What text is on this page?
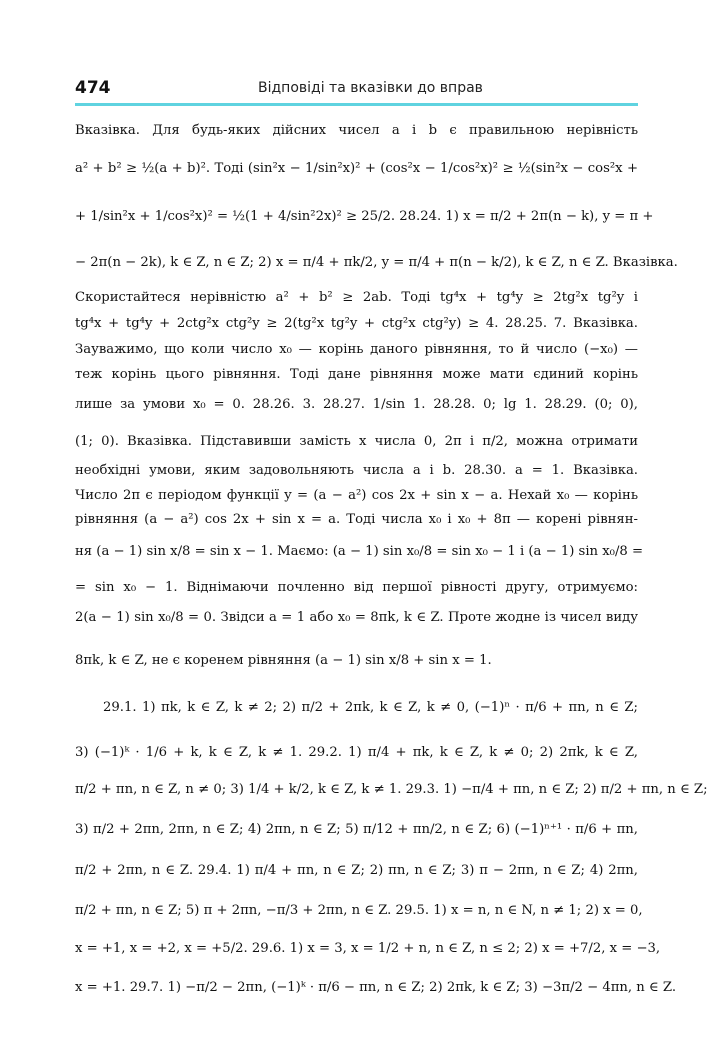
474	Відповіді та вказівки до вправ
Вказівка. Для будь-яких дійсних чисел a і b є правильною нерівність
a² + b² ≥ ½(a + b)². Тоді (sin²x − 1/sin²x)² + (cos²x − 1/cos²x)² ≥ ½(sin²x − cos²x +
+ 1/sin²x + 1/cos²x)² = ½(1 + 4/sin²2x)² ≥ 25/2. 28.24. 1) x = π/2 + 2π(n − k), y = π +
− 2π(n − 2k), k ∈ Z, n ∈ Z; 2) x = π/4 + πk/2, y = π/4 + π(n − k/2), k ∈ Z, n ∈ Z. Вказівка.
Скористайтеся нерівністю a² + b² ≥ 2ab. Тоді tg⁴x + tg⁴y ≥ 2tg²x tg²y і
tg⁴x + tg⁴y + 2ctg²x ctg²y ≥ 2(tg²x tg²y + ctg²x ctg²y) ≥ 4. 28.25. 7. Вказівка.
Зауважимо, що коли число x₀ — корінь даного рівняння, то й число (−x₀) —
теж корінь цього рівняння. Тоді дане рівняння може мати єдиний корінь
лише за умови x₀ = 0. 28.26. 3. 28.27. 1/sin 1. 28.28. 0; lg 1. 28.29. (0; 0),
(1; 0). Вказівка. Підставивши замість x числа 0, 2π і π/2, можна отримати
необхідні умови, яким задовольняють числа a і b. 28.30. a = 1. Вказівка.
Число 2π є періодом функції y = (a − a²) cos 2x + sin x − a. Нехай x₀ — корінь
рівняння (a − a²) cos 2x + sin x = a. Тоді числа x₀ і x₀ + 8π — корені рівнян-
ня (a − 1) sin x/8 = sin x − 1. Маємо: (a − 1) sin x₀/8 = sin x₀ − 1 і (a − 1) sin x₀/8 =
= sin x₀ − 1. Віднімаючи почленно від першої рівності другу, отримуємо:
2(a − 1) sin x₀/8 = 0. Звідси a = 1 або x₀ = 8πk, k ∈ Z. Проте жодне із чисел виду
8πk, k ∈ Z, не є коренем рівняння (a − 1) sin x/8 + sin x = 1.
29.1. 1) πk, k ∈ Z, k ≠ 2; 2) π/2 + 2πk, k ∈ Z, k ≠ 0, (−1)ⁿ · π/6 + πn, n ∈ Z;
3) (−1)ᵏ · 1/6 + k, k ∈ Z, k ≠ 1. 29.2. 1) π/4 + πk, k ∈ Z, k ≠ 0; 2) 2πk, k ∈ Z,
π/2 + πn, n ∈ Z, n ≠ 0; 3) 1/4 + k/2, k ∈ Z, k ≠ 1. 29.3. 1) −π/4 + πn, n ∈ Z; 2) π/2 + πn, n ∈ Z;
3) π/2 + 2πn, 2πn, n ∈ Z; 4) 2πn, n ∈ Z; 5) π/12 + πn/2, n ∈ Z; 6) (−1)ⁿ⁺¹ · π/6 + πn,
π/2 + 2πn, n ∈ Z. 29.4. 1) π/4 + πn, n ∈ Z; 2) πn, n ∈ Z; 3) π − 2πn, n ∈ Z; 4) 2πn,
π/2 + πn, n ∈ Z; 5) π + 2πn, −π/3 + 2πn, n ∈ Z. 29.5. 1) x = n, n ∈ N, n ≠ 1; 2) x = 0,
x = +1, x = +2, x = +5/2. 29.6. 1) x = 3, x = 1/2 + n, n ∈ Z, n ≤ 2; 2) x = +7/2, x = −3,
x = +1. 29.7. 1) −π/2 − 2πn, (−1)ᵏ · π/6 − πn, n ∈ Z; 2) 2πk, k ∈ Z; 3) −3π/2 − 4πn, n ∈ Z.
